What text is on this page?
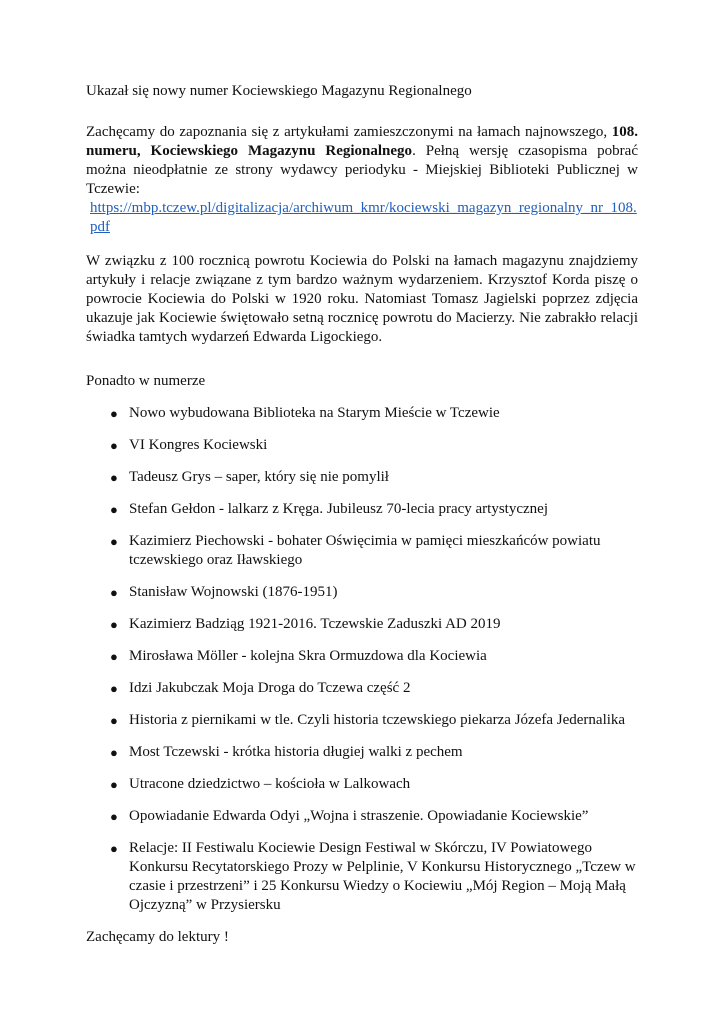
Ukazał się nowy numer Kociewskiego Magazynu Regionalnego

Zachęcamy do zapoznania się z artykułami zamieszczonymi na łamach najnowszego, 108. numeru, Kociewskiego Magazynu Regionalnego. Pełną wersję czasopisma pobrać można nieodpłatnie ze strony wydawcy periodyku - Miejskiej Biblioteki Publicznej w Tczewie:
https://mbp.tczew.pl/digitalizacja/archiwum_kmr/kociewski_magazyn_regionalny_nr_108.pdf

W związku z 100 rocznicą powrotu Kociewia do Polski na łamach magazynu znajdziemy artykuły i relacje związane z tym bardzo ważnym wydarzeniem. Krzysztof Korda piszę o powrocie Kociewia do Polski w 1920 roku. Natomiast Tomasz Jagielski poprzez zdjęcia ukazuje jak Kociewie świętowało setną rocznicę powrotu do Macierzy. Nie zabrakło relacji świadka tamtych wydarzeń Edwarda Ligockiego.

Ponadto w numerze

● Nowo wybudowana Biblioteka na Starym Mieście w Tczewie
● VI Kongres Kociewski
● Tadeusz Grys – saper, który się nie pomylił
● Stefan Gełdon - lalkarz z Kręga. Jubileusz 70-lecia pracy artystycznej
● Kazimierz Piechowski - bohater Oświęcimia w pamięci mieszkańców powiatu tczewskiego oraz Iławskiego
● Stanisław Wojnowski (1876-1951)
● Kazimierz Badziąg 1921-2016. Tczewskie Zaduszki AD 2019
● Mirosława Möller - kolejna Skra Ormuzdowa dla Kociewia
● Idzi Jakubczak Moja Droga do Tczewa część 2
● Historia z piernikami w tle. Czyli historia tczewskiego piekarza Józefa Jedernalika
● Most Tczewski - krótka historia długiej walki z pechem
● Utracone dziedzictwo – kościoła w Lalkowach
● Opowiadanie Edwarda Odyi „Wojna i straszenie. Opowiadanie Kociewskie”
● Relacje: II Festiwalu Kociewie Design Festiwal w Skórczu, IV Powiatowego Konkursu Recytatorskiego Prozy w Pelplinie, V Konkursu Historycznego „Tczew w czasie i przestrzeni” i 25 Konkursu Wiedzy o Kociewiu „Mój Region – Moją Małą Ojczyzną” w Przysiersku

Zachęcamy do lektury !
